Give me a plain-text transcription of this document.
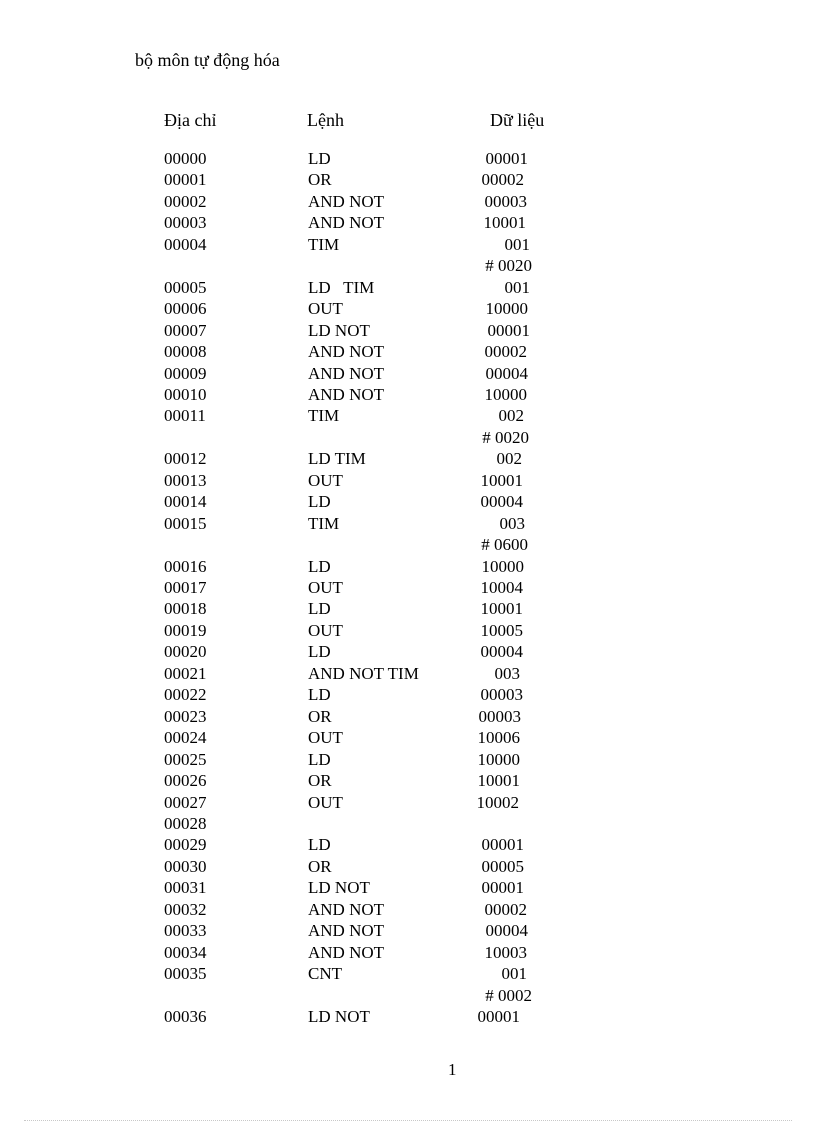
bộ môn tự động hóa
Địa chỉ	Lệnh	Dữ liệu
00000	LD	00001
00001	OR	00002
00002	AND NOT	00003
00003	AND NOT	10001
00004	TIM	001
# 0020
00005	LD   TIM	001
00006	OUT	10000
00007	LD NOT	00001
00008	AND NOT	00002
00009	AND NOT	00004
00010	AND NOT	10000
00011	TIM	002
# 0020
00012	LD TIM	002
00013	OUT	10001
00014	LD	00004
00015	TIM	003
# 0600
00016	LD	10000
00017	OUT	10004
00018	LD	10001
00019	OUT	10005
00020	LD	00004
00021	AND NOT TIM	003
00022	LD	00003
00023	OR	00003
00024	OUT	10006
00025	LD	10000
00026	OR	10001
00027	OUT	10002
00028
00029	LD	00001
00030	OR	00005
00031	LD NOT	00001
00032	AND NOT	00002
00033	AND NOT	00004
00034	AND NOT	10003
00035	CNT	001
# 0002
00036	LD NOT	00001
1
